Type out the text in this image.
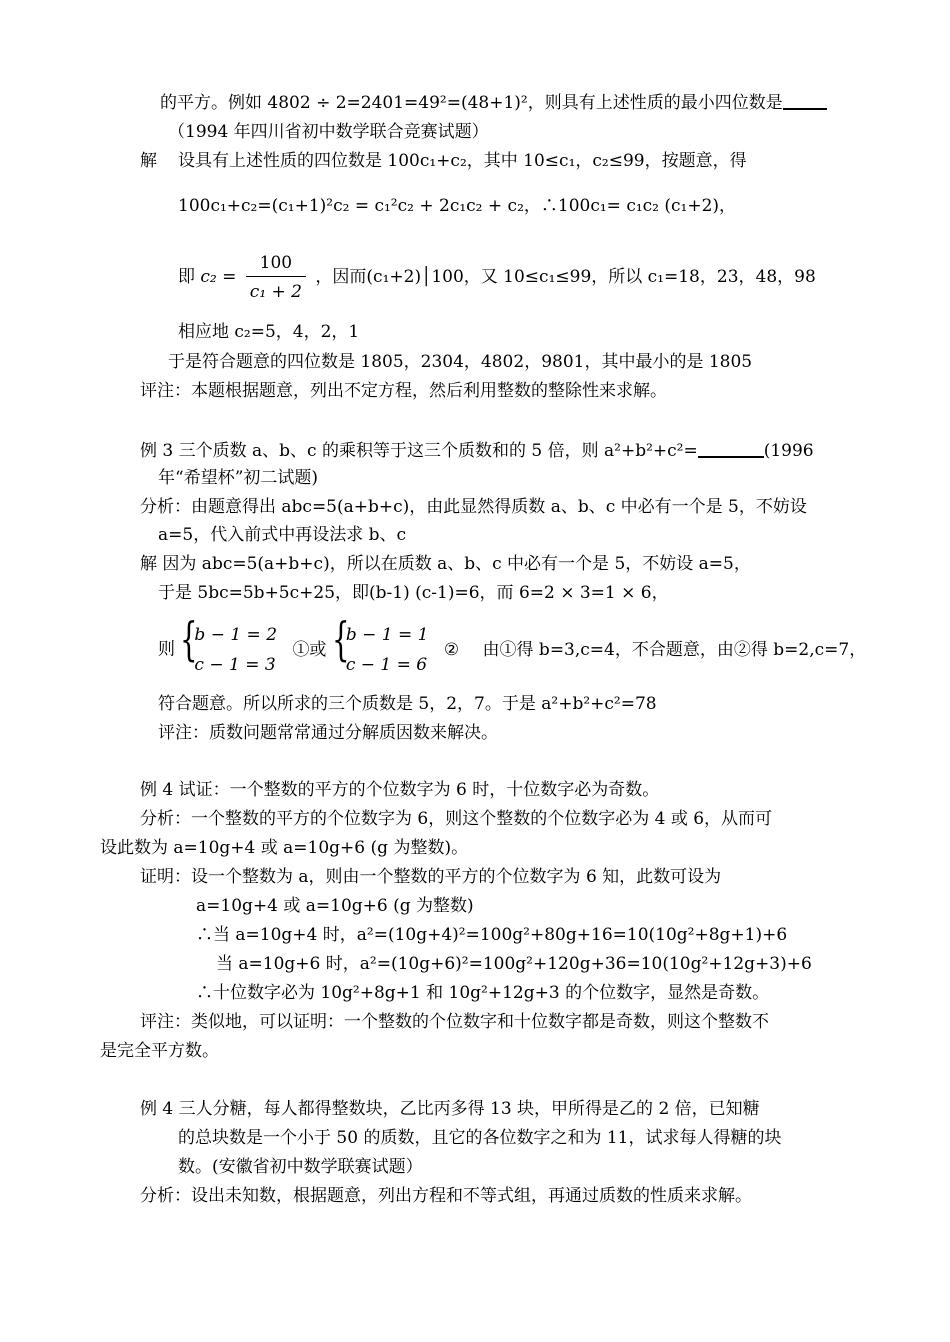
的平方。例如 4802 ÷ 2=2401=49²=(48+1)²，则具有上述性质的最小四位数是
（1994 年四川省初中数学联合竞赛试题）
解 设具有上述性质的四位数是 100c₁+c₂，其中 10≤c₁，c₂≤99，按题意，得
100c₁+c₂=(c₁+1)²c₂ = c₁²c₂ + 2c₁c₂ + c₂，∴100c₁= c₁c₂ (c₁+2)，
即 $c_2 = \frac{100}{\text{c₁ + 2}}$ ，因而(c₁+2)│100，又 10≤c₁≤99，所以 c₁=18，23，48，98
相应地 c₂=5，4，2，1
于是符合题意的四位数是 1805，2304，4802，9801，其中最小的是 1805
评注：本题根据题意，列出不定方程，然后利用整数的整除性来求解。
例 3 三个质数 a、b、c 的乘积等于这三个质数和的 5 倍，则 a²+b²+c²=	(1996
年“希望杯”初二试题)
分析：由题意得出 abc=5(a+b+c)，由此显然得质数 a、b、c 中必有一个是 5，不妨设
a=5，代入前式中再设法求 b、c
解 因为 abc=5(a+b+c)，所以在质数 a、b、c 中必有一个是 5，不妨设 a=5，
于是 5bc=5b+5c+25，即(b-1) (c-1)=6，而 6=2 × 3=1 × 6，
则 {
b − 1 = 2
c − 1 = 3
①或 {
b − 1 = 1
c − 1 = 6
② 由①得 b=3,c=4，不合题意，由②得 b=2,c=7，
符合题意。所以所求的三个质数是 5，2，7。于是 a²+b²+c²=78
评注：质数问题常常通过分解质因数来解决。
例 4 试证：一个整数的平方的个位数字为 6 时，十位数字必为奇数。
分析：一个整数的平方的个位数字为 6，则这个整数的个位数字必为 4 或 6，从而可
设此数为 a=10g+4 或 a=10g+6 (g 为整数)。
证明：设一个整数为 a，则由一个整数的平方的个位数字为 6 知，此数可设为
a=10g+4 或 a=10g+6 (g 为整数)
∴当 a=10g+4 时，a²=(10g+4)²=100g²+80g+16=10(10g²+8g+1)+6
当 a=10g+6 时，a²=(10g+6)²=100g²+120g+36=10(10g²+12g+3)+6
∴十位数字必为 10g²+8g+1 和 10g²+12g+3 的个位数字，显然是奇数。
评注：类似地，可以证明：一个整数的个位数字和十位数字都是奇数，则这个整数不
是完全平方数。
例 4 三人分糖，每人都得整数块，乙比丙多得 13 块，甲所得是乙的 2 倍，已知糖
的总块数是一个小于 50 的质数，且它的各位数字之和为 11，试求每人得糖的块
数。(安徽省初中数学联赛试题）
分析：设出未知数，根据题意，列出方程和不等式组，再通过质数的性质来求解。
